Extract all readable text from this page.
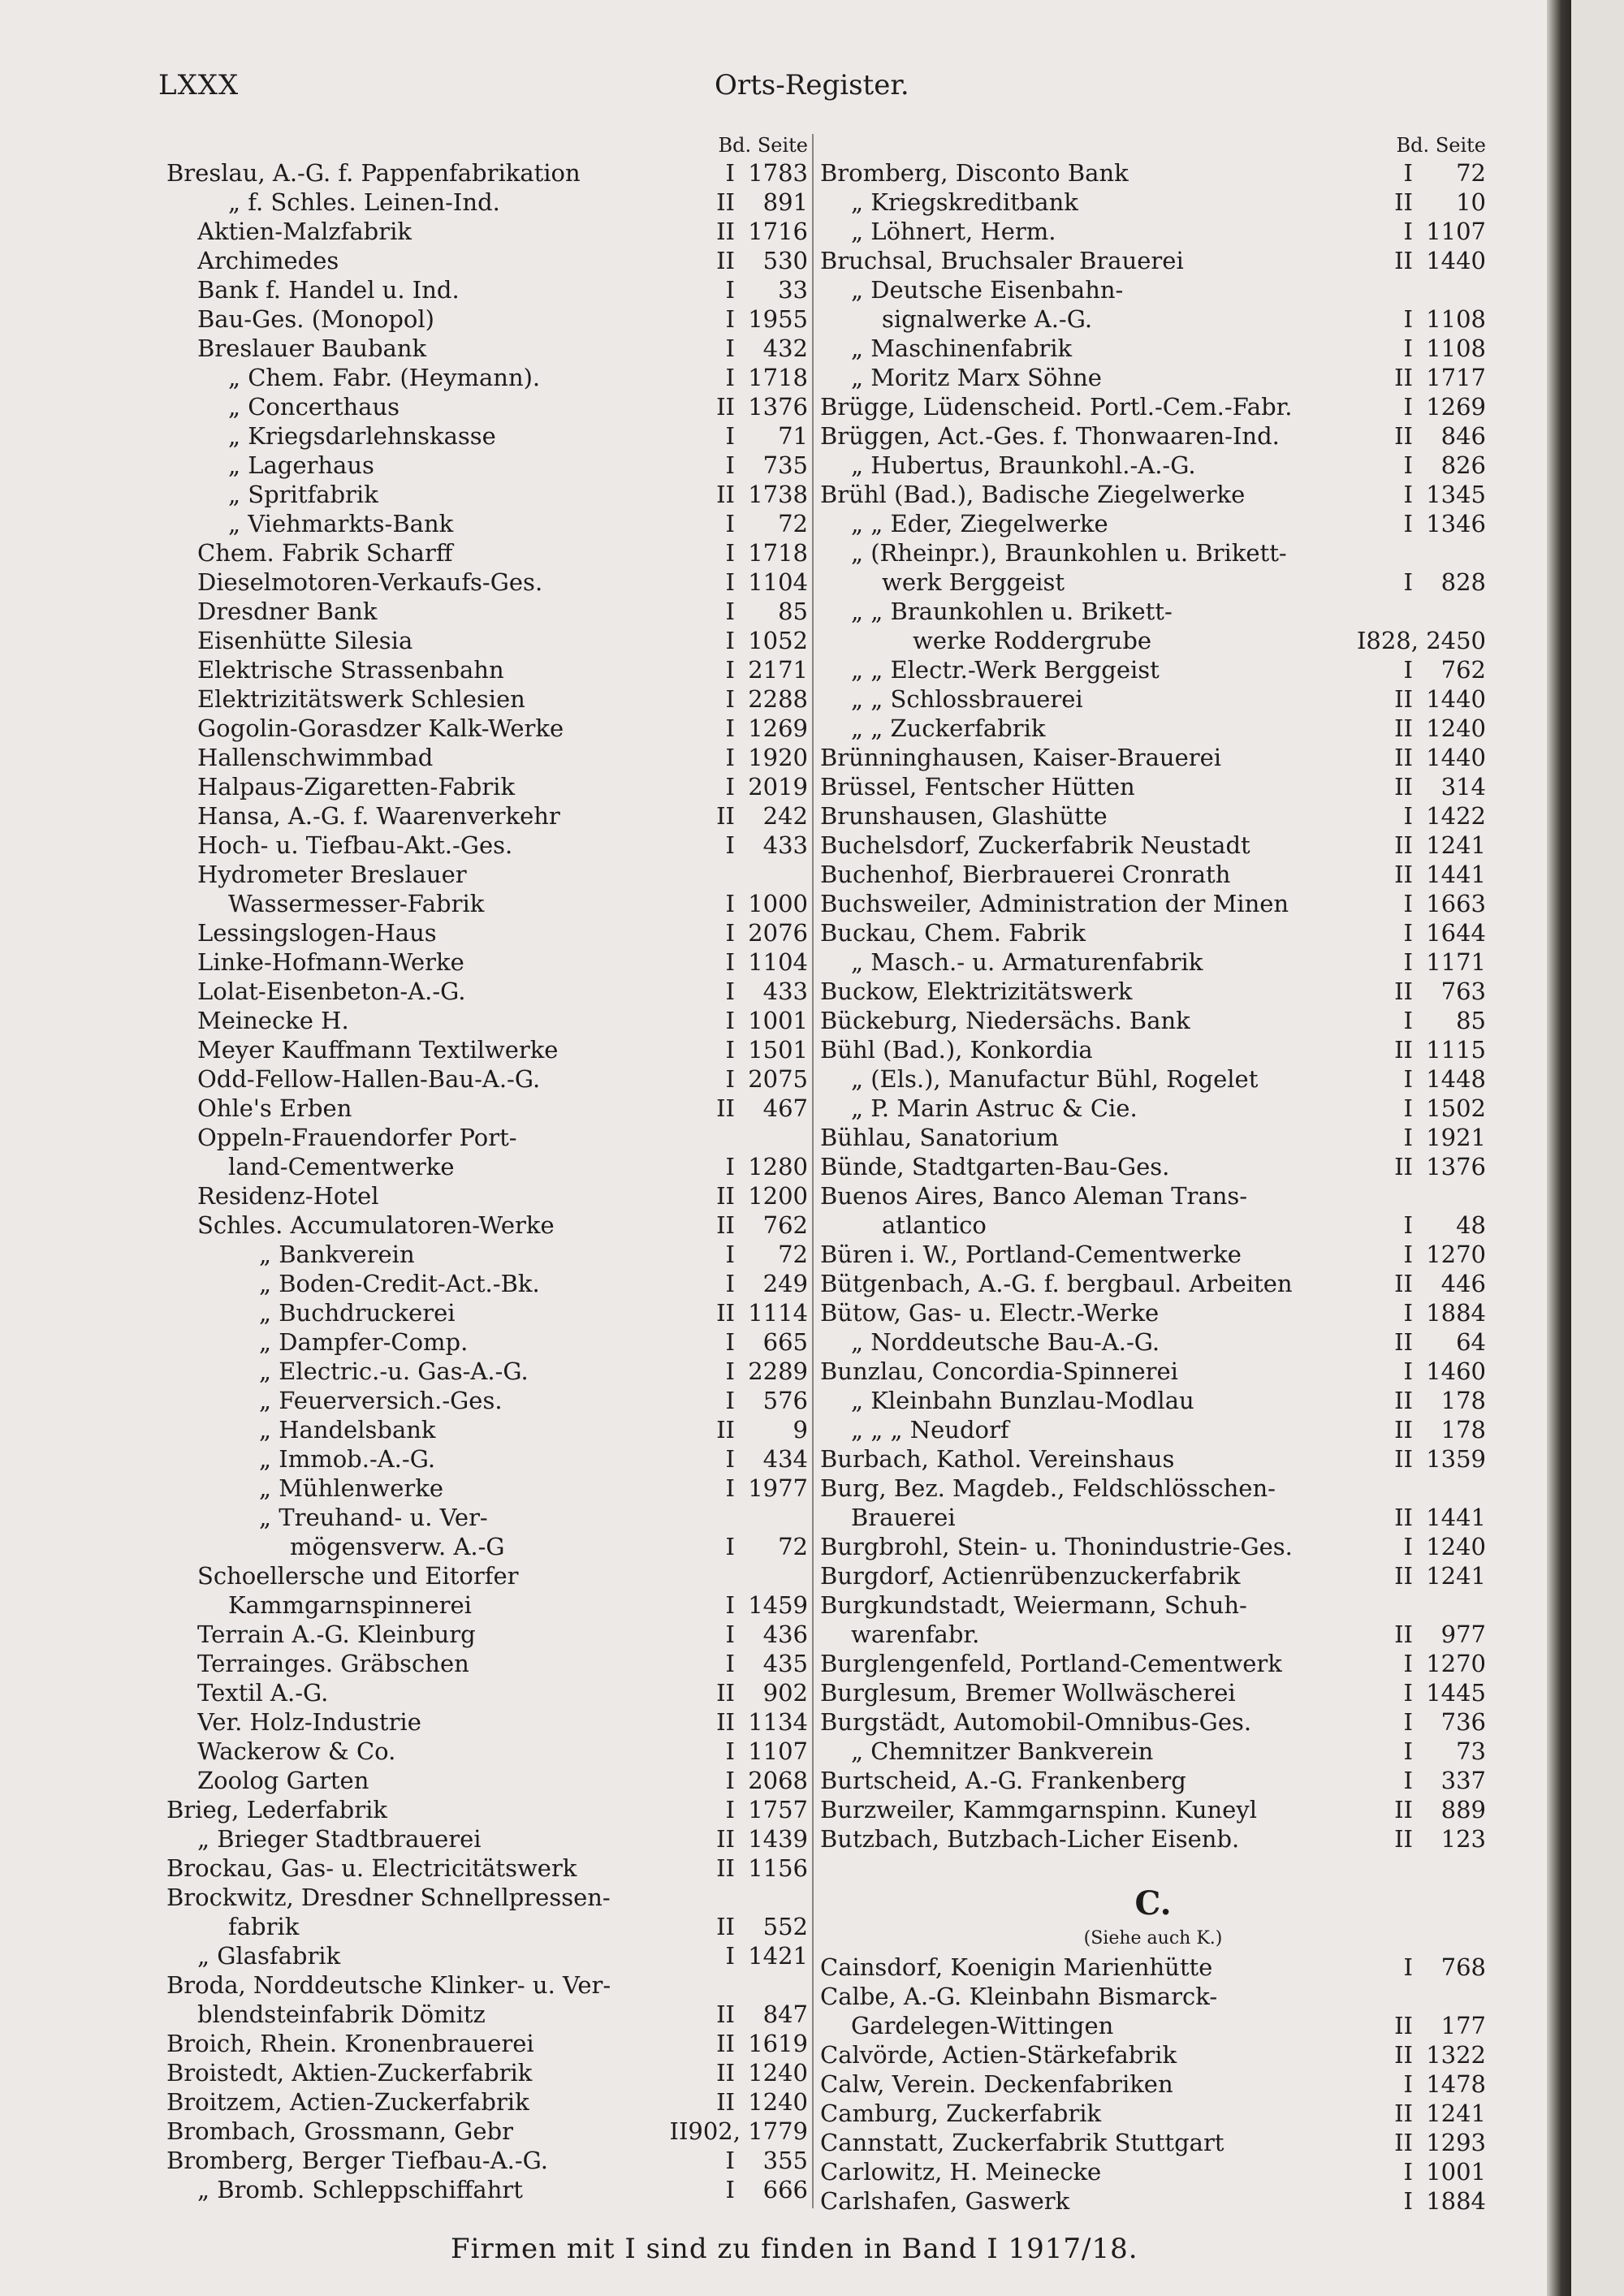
LXXX	Orts-Register.
Bd. Seite
Breslau, A.-G. f. Pappenfabrikation	I 1783
„ f. Schles. Leinen-Ind.	II	891
Aktien-Malzfabrik	II 1716
Archimedes	II	530
Bank f. Handel u. Ind.	I	33
Bau-Ges. (Monopol)	I 1955
Breslauer Baubank	I	432
„ Chem. Fabr. (Heymann).	I 1718
„ Concerthaus	II 1376
„ Kriegsdarlehnskasse	I	71
„ Lagerhaus	I	735
„ Spritfabrik	II 1738
„ Viehmarkts-Bank	I	72
Chem. Fabrik Scharff	I 1718
Dieselmotoren-Verkaufs-Ges.	I 1104
Dresdner Bank	I	85
Eisenhütte Silesia	I 1052
Elektrische Strassenbahn	I 2171
Elektrizitätswerk Schlesien	I 2288
Gogolin-Gorasdzer Kalk-Werke	I 1269
Hallenschwimmbad	I 1920
Halpaus-Zigaretten-Fabrik	I 2019
Hansa, A.-G. f. Waarenverkehr	II	242
Hoch- u. Tiefbau-Akt.-Ges.	I	433
Hydrometer Breslauer
Wassermesser-Fabrik	I 1000
Lessingslogen-Haus	I 2076
Linke-Hofmann-Werke	I 1104
Lolat-Eisenbeton-A.-G.	I	433
Meinecke H.	I 1001
Meyer Kauffmann Textilwerke	I 1501
Odd-Fellow-Hallen-Bau-A.-G.	I 2075
Ohle's Erben	II	467
Oppeln-Frauendorfer Port-
land-Cementwerke	I 1280
Residenz-Hotel	II 1200
Schles. Accumulatoren-Werke	II	762
„ Bankverein	I	72
„ Boden-Credit-Act.-Bk.	I	249
„ Buchdruckerei	II 1114
„ Dampfer-Comp.	I	665
„ Electric.-u. Gas-A.-G.	I 2289
„ Feuerversich.-Ges.	I	576
„ Handelsbank	II	9
„ Immob.-A.-G.	I	434
„ Mühlenwerke	I 1977
„ Treuhand- u. Ver-
mögensverw. A.-G	I	72
Schoellersche und Eitorfer
Kammgarnspinnerei	I 1459
Terrain A.-G. Kleinburg	I	436
Terrainges. Gräbschen	I	435
Textil A.-G.	II	902
Ver. Holz-Industrie	II 1134
Wackerow & Co.	I 1107
Zoolog Garten	I 2068
Brieg, Lederfabrik	I 1757
„ Brieger Stadtbrauerei	II 1439
Brockau, Gas- u. Electricitätswerk	II 1156
Brockwitz, Dresdner Schnellpressen-
fabrik	II	552
„ Glasfabrik	I 1421
Broda, Norddeutsche Klinker- u. Ver-
blendsteinfabrik Dömitz	II	847
Broich, Rhein. Kronenbrauerei	II 1619
Broistedt, Aktien-Zuckerfabrik	II 1240
Broitzem, Actien-Zuckerfabrik	II 1240
Brombach, Grossmann, Gebr	II 902, 1779
Bromberg, Berger Tiefbau-A.-G.	I	355
„ Bromb. Schleppschiffahrt	I	666
Bd. Seite
Bromberg, Disconto Bank	I	72
„ Kriegskreditbank	II	10
„ Löhnert, Herm.	I 1107
Bruchsal, Bruchsaler Brauerei	II 1440
„ Deutsche Eisenbahn-
signalwerke A.-G.	I 1108
„ Maschinenfabrik	I 1108
„ Moritz Marx Söhne	II 1717
Brügge, Lüdenscheid. Portl.-Cem.-Fabr.	I 1269
Brüggen, Act.-Ges. f. Thonwaaren-Ind.	II	846
„ Hubertus, Braunkohl.-A.-G.	I	826
Brühl (Bad.), Badische Ziegelwerke	I 1345
„ „ Eder, Ziegelwerke	I 1346
„ (Rheinpr.), Braunkohlen u. Brikett-
werk Berggeist	I	828
„ „ Braunkohlen u. Brikett-
werke Roddergrube	I 828, 2450
„ „ Electr.-Werk Berggeist	I	762
„ „ Schlossbrauerei	II 1440
„ „ Zuckerfabrik	II 1240
Brünninghausen, Kaiser-Brauerei	II 1440
Brüssel, Fentscher Hütten	II	314
Brunshausen, Glashütte	I 1422
Buchelsdorf, Zuckerfabrik Neustadt	II 1241
Buchenhof, Bierbrauerei Cronrath	II 1441
Buchsweiler, Administration der Minen	I 1663
Buckau, Chem. Fabrik	I 1644
„ Masch.- u. Armaturenfabrik	I 1171
Buckow, Elektrizitätswerk	II	763
Bückeburg, Niedersächs. Bank	I	85
Bühl (Bad.), Konkordia	II 1115
„ (Els.), Manufactur Bühl, Rogelet	I 1448
„ P. Marin Astruc & Cie.	I 1502
Bühlau, Sanatorium	I 1921
Bünde, Stadtgarten-Bau-Ges.	II 1376
Buenos Aires, Banco Aleman Trans-
atlantico	I	48
Büren i. W., Portland-Cementwerke	I 1270
Bütgenbach, A.-G. f. bergbaul. Arbeiten	II	446
Bütow, Gas- u. Electr.-Werke	I 1884
„ Norddeutsche Bau-A.-G.	II	64
Bunzlau, Concordia-Spinnerei	I 1460
„ Kleinbahn Bunzlau-Modlau	II	178
„ „ „ Neudorf	II	178
Burbach, Kathol. Vereinshaus	II 1359
Burg, Bez. Magdeb., Feldschlösschen-
Brauerei	II 1441
Burgbrohl, Stein- u. Thonindustrie-Ges.	I 1240
Burgdorf, Actienrübenzuckerfabrik	II 1241
Burgkundstadt, Weiermann, Schuh-
warenfabr.	II	977
Burglengenfeld, Portland-Cementwerk	I 1270
Burglesum, Bremer Wollwäscherei	I 1445
Burgstädt, Automobil-Omnibus-Ges.	I	736
„ Chemnitzer Bankverein	I	73
Burtscheid, A.-G. Frankenberg	I	337
Burzweiler, Kammgarnspinn. Kuneyl	II	889
Butzbach, Butzbach-Licher Eisenb.	II	123
C.
(Siehe auch K.)
Cainsdorf, Koenigin Marienhütte	I	768
Calbe, A.-G. Kleinbahn Bismarck-
Gardelegen-Wittingen	II	177
Calvörde, Actien-Stärkefabrik	II 1322
Calw, Verein. Deckenfabriken	I 1478
Camburg, Zuckerfabrik	II 1241
Cannstatt, Zuckerfabrik Stuttgart	II 1293
Carlowitz, H. Meinecke	I 1001
Carlshafen, Gaswerk	I 1884
Firmen mit I sind zu finden in Band I 1917/18.
